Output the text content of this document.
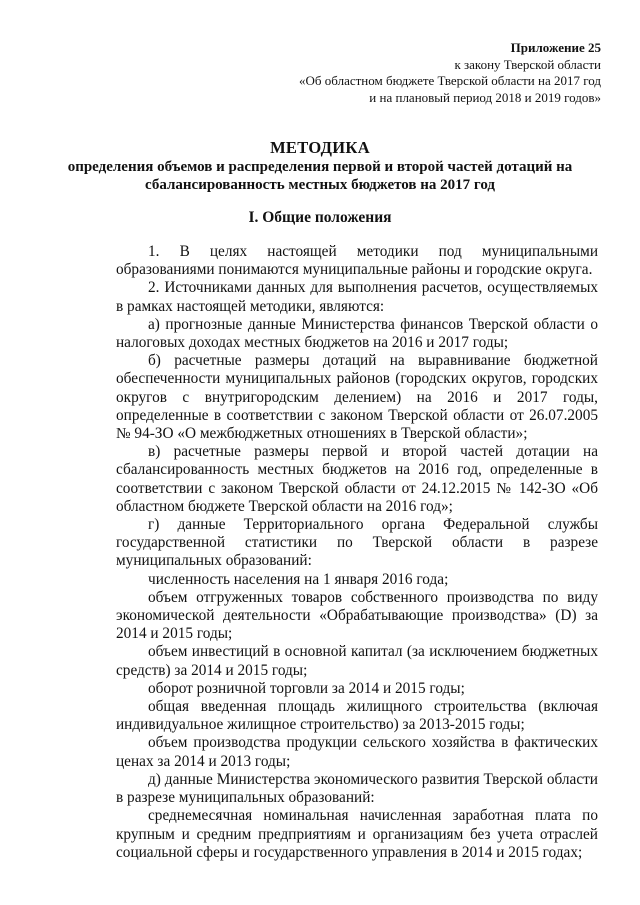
Приложение 25
к закону Тверской области
«Об областном бюджете Тверской области на 2017 год
и на плановый период 2018 и 2019 годов»
МЕТОДИКА
определения объемов и распределения первой и второй частей дотаций на сбалансированность местных бюджетов на 2017 год
I. Общие положения

1. В целях настоящей методики под муниципальными образованиями понимаются муниципальные районы и городские округа.

2. Источниками данных для выполнения расчетов, осуществляемых в рамках настоящей методики, являются:

а) прогнозные данные Министерства финансов Тверской области о налоговых доходах местных бюджетов на 2016 и 2017 годы;

б) расчетные размеры дотаций на выравнивание бюджетной обеспеченности муниципальных районов (городских округов, городских округов с внутригородским делением) на 2016 и 2017 годы, определенные в соответствии с законом Тверской области от 26.07.2005 № 94-ЗО «О межбюджетных отношениях в Тверской области»;

в) расчетные размеры первой и второй частей дотации на сбалансированность местных бюджетов на 2016 год, определенные в соответствии с законом Тверской области от 24.12.2015 № 142-ЗО «Об областном бюджете Тверской области на 2016 год»;

г) данные Территориального органа Федеральной службы государственной статистики по Тверской области в разрезе муниципальных образований:

численность населения на 1 января 2016 года;

объем отгруженных товаров собственного производства по виду экономической деятельности «Обрабатывающие производства» (D) за 2014 и 2015 годы;

объем инвестиций в основной капитал (за исключением бюджетных средств) за 2014 и 2015 годы;

оборот розничной торговли за 2014 и 2015 годы;

общая введенная площадь жилищного строительства (включая индивидуальное жилищное строительство) за 2013-2015 годы;

объем производства продукции сельского хозяйства в фактических ценах за 2014 и 2013 годы;

д) данные Министерства экономического развития Тверской области в разрезе муниципальных образований:

среднемесячная номинальная начисленная заработная плата по крупным и средним предприятиям и организациям без учета отраслей социальной сферы и государственного управления в 2014 и 2015 годах;
